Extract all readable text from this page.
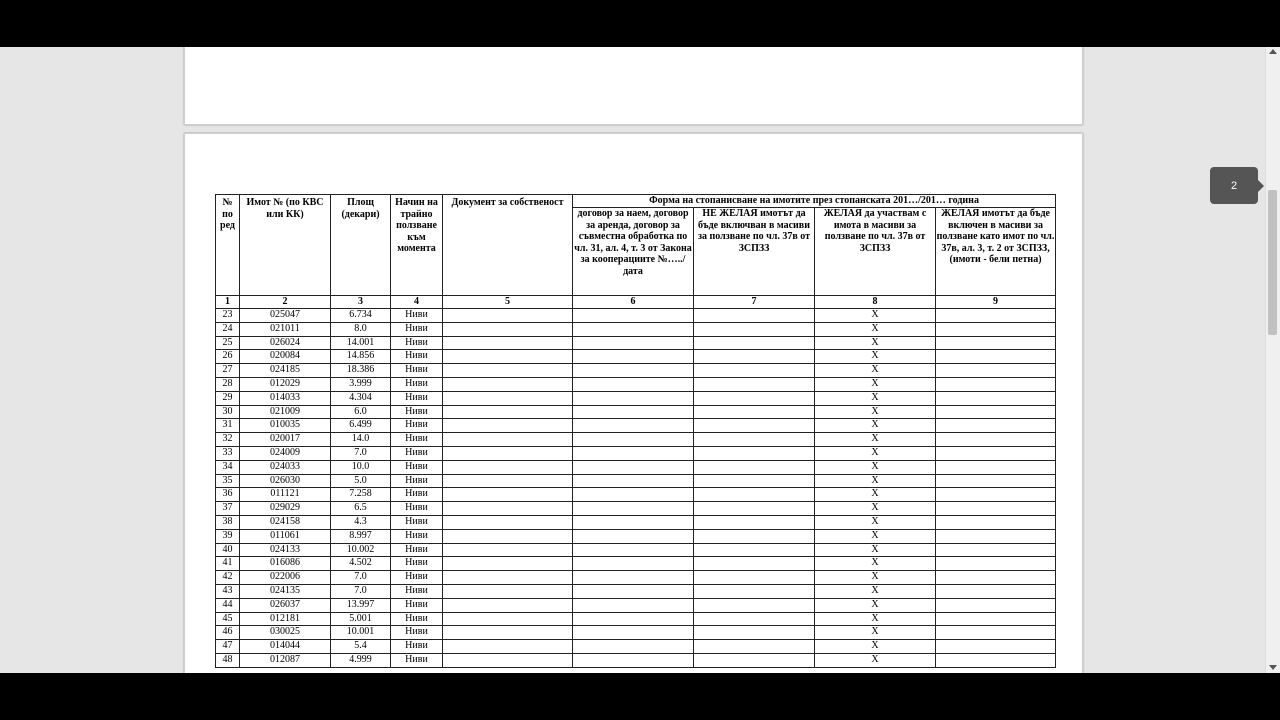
№ по ред	Имот № (по КВС или КК)	Площ (декари)	Начин на трайно ползване към момента	Документ за собственост	Форма на стопанисване на имотите през стопанската 201…/201… година			
					договор за наем, договор за аренда, договор за съвместна обработка по чл. 31, ал. 4, т. 3 от Закона за кооперациите №…../дата	НЕ ЖЕЛАЯ имотът да бъде включван в масиви за ползване по чл. 37в от ЗСПЗЗ	ЖЕЛАЯ да участвам с имота в масиви за ползване по чл. 37в от ЗСПЗЗ	ЖЕЛАЯ имотът да бъде включен в масиви за ползване като имот по чл. 37в, ал. 3, т. 2 от ЗСПЗЗ, (имоти - бели петна)
1	2	3	4	5	6	7	8	9
23	025047	6.734	Ниви				Х	
24	021011	8.0	Ниви				Х	
25	026024	14.001	Ниви				Х	
26	020084	14.856	Ниви				Х	
27	024185	18.386	Ниви				Х	
28	012029	3.999	Ниви				Х	
29	014033	4.304	Ниви				Х	
30	021009	6.0	Ниви				Х	
31	010035	6.499	Ниви				Х	
32	020017	14.0	Ниви				Х	
33	024009	7.0	Ниви				Х	
34	024033	10.0	Ниви				Х	
35	026030	5.0	Ниви				Х	
36	011121	7.258	Ниви				Х	
37	029029	6.5	Ниви				Х	
38	024158	4.3	Ниви				Х	
39	011061	8.997	Ниви				Х	
40	024133	10.002	Ниви				Х	
41	016086	4.502	Ниви				Х	
42	022006	7.0	Ниви				Х	
43	024135	7.0	Ниви				Х	
44	026037	13.997	Ниви				Х	
45	012181	5.001	Ниви				Х	
46	030025	10.001	Ниви				Х	
47	014044	5.4	Ниви				Х	
48	012087	4.999	Ниви				Х	
2
